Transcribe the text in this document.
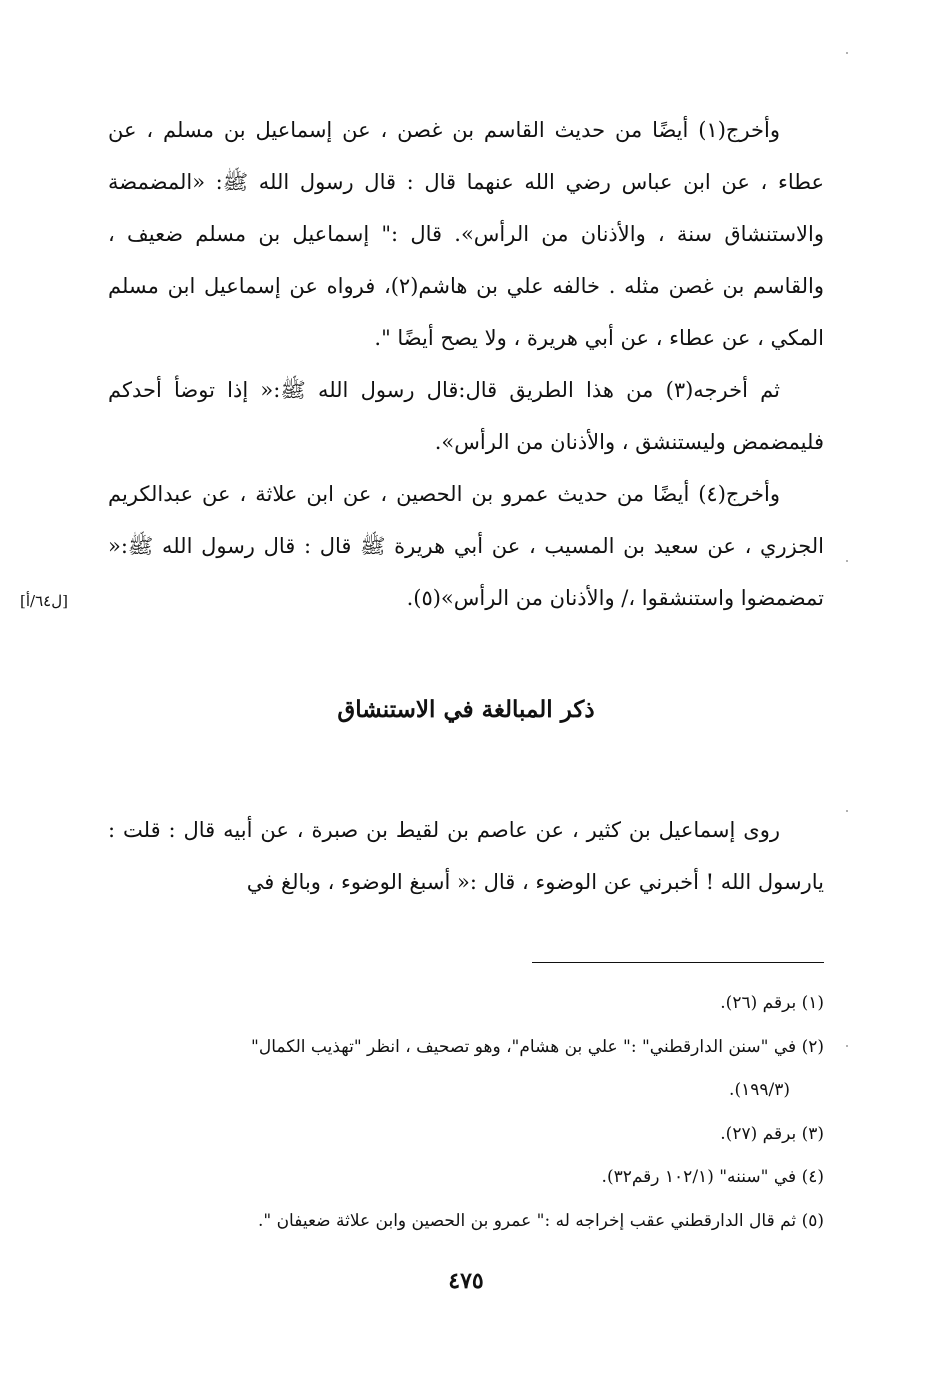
وأخرج(١) أيضًا من حديث القاسم بن غصن ، عن إسماعيل بن مسلم ، عن عطاء ، عن ابن عباس رضي الله عنهما قال : قال رسول الله ﷺ: «المضمضة والاستنشاق سنة ، والأذنان من الرأس». قال :" إسماعيل بن مسلم ضعيف ، والقاسم بن غصن مثله . خالفه علي بن هاشم(٢)، فرواه عن إسماعيل ابن مسلم المكي ، عن عطاء ، عن أبي هريرة ، ولا يصح أيضًا ".

ثم أخرجه(٣) من هذا الطريق قال:قال رسول الله ﷺ:« إذا توضأ أحدكم فليمضمض وليستنشق ، والأذنان من الرأس».

وأخرج(٤) أيضًا من حديث عمرو بن الحصين ، عن ابن علاثة ، عن عبدالكريم الجزري ، عن سعيد بن المسيب ، عن أبي هريرة ﷺ قال : قال رسول الله ﷺ:« تمضمضوا واستنشقوا ،/ والأذنان من الرأس»(٥).

[ل٦٤/أ]
ذكر المبالغة في الاستنشاق

روى إسماعيل بن كثير ، عن عاصم بن لقيط بن صبرة ، عن أبيه قال : قلت : يارسول الله ! أخبرني عن الوضوء ، قال :« أسبغ الوضوء ، وبالغ في

(١) برقم (٢٦).

(٢) في "سنن الدارقطني" :" علي بن هشام"، وهو تصحيف ، انظر "تهذيب الكمال"

(١٩٩/٣).

(٣) برقم (٢٧).

(٤) في "سننه" (١٠٢/١ رقم٣٢).

(٥) ثم قال الدارقطني عقب إخراجه له :" عمرو بن الحصين وابن علاثة ضعيفان ".

٤٧٥
